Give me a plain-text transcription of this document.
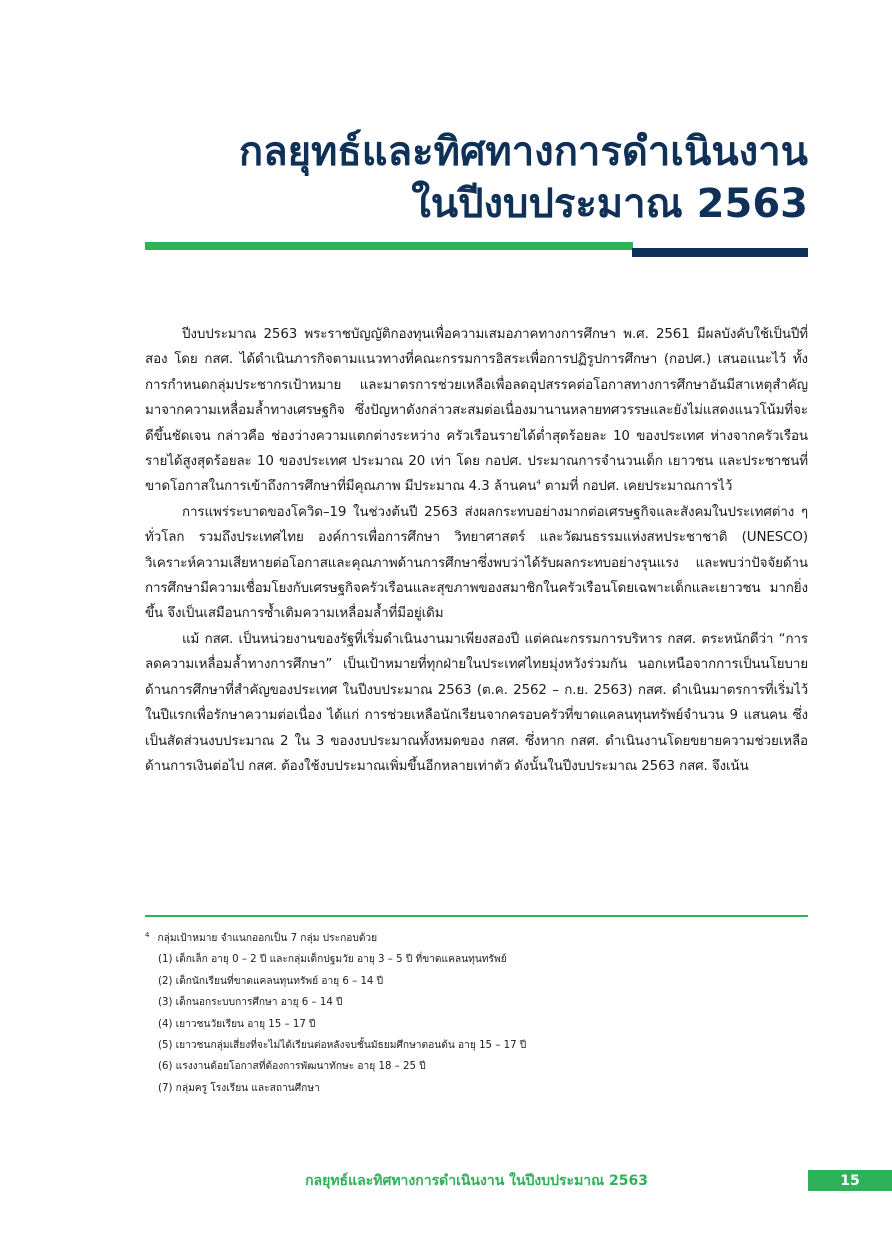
กลยุทธ์และทิศทางการดำเนินงาน
ในปีงบประมาณ 2563

ปีงบประมาณ 2563 พระราชบัญญัติกองทุนเพื่อความเสมอภาคทางการศึกษา พ.ศ. 2561 มีผลบังคับใช้เป็นปีที่สอง โดย กสศ. ได้ดำเนินภารกิจตามแนวทางที่คณะกรรมการอิสระเพื่อการปฏิรูปการศึกษา (กอปศ.) เสนอแนะไว้ ทั้งการกำหนดกลุ่มประชากรเป้าหมาย และมาตรการช่วยเหลือเพื่อลดอุปสรรคต่อโอกาสทางการศึกษาอันมีสาเหตุสำคัญมาจากความเหลื่อมล้ำทางเศรษฐกิจ ซึ่งปัญหาดังกล่าวสะสมต่อเนื่องมานานหลายทศวรรษและยังไม่แสดงแนวโน้มที่จะดีขึ้นชัดเจน กล่าวคือ ช่องว่างความแตกต่างระหว่าง ครัวเรือนรายได้ต่ำสุดร้อยละ 10 ของประเทศ ห่างจากครัวเรือนรายได้สูงสุดร้อยละ 10 ของประเทศ ประมาณ 20 เท่า โดย กอปศ. ประมาณการจำนวนเด็ก เยาวชน และประชาชนที่ขาดโอกาสในการเข้าถึงการศึกษาที่มีคุณภาพ มีประมาณ 4.3 ล้านคน$^4$ ตามที่ กอปศ. เคยประมาณการไว้

การแพร่ระบาดของโควิด–19 ในช่วงต้นปี 2563 ส่งผลกระทบอย่างมากต่อเศรษฐกิจและสังคมในประเทศต่าง ๆ ทั่วโลก รวมถึงประเทศไทย องค์การเพื่อการศึกษา วิทยาศาสตร์ และวัฒนธรรมแห่งสหประชาชาติ (UNESCO) วิเคราะห์ความเสียหายต่อโอกาสและคุณภาพด้านการศึกษาซึ่งพบว่าได้รับผลกระทบอย่างรุนแรง และพบว่าปัจจัยด้านการศึกษามีความเชื่อมโยงกับเศรษฐกิจครัวเรือนและสุขภาพของสมาชิกในครัวเรือนโดยเฉพาะเด็กและเยาวชน มากยิ่งขึ้น จึงเป็นเสมือนการซ้ำเติมความเหลื่อมล้ำที่มีอยู่เดิม

แม้ กสศ. เป็นหน่วยงานของรัฐที่เริ่มดำเนินงานมาเพียงสองปี แต่คณะกรรมการบริหาร กสศ. ตระหนักดีว่า “การลดความเหลื่อมล้ำทางการศึกษา” เป็นเป้าหมายที่ทุกฝ่ายในประเทศไทยมุ่งหวังร่วมกัน นอกเหนือจากการเป็นนโยบายด้านการศึกษาที่สำคัญของประเทศ ในปีงบประมาณ 2563 (ต.ค. 2562 – ก.ย. 2563) กสศ. ดำเนินมาตรการที่เริ่มไว้ในปีแรกเพื่อรักษาความต่อเนื่อง ได้แก่ การช่วยเหลือนักเรียนจากครอบครัวที่ขาดแคลนทุนทรัพย์จำนวน 9 แสนคน ซึ่งเป็นสัดส่วนงบประมาณ 2 ใน 3 ของงบประมาณทั้งหมดของ กสศ. ซึ่งหาก กสศ. ดำเนินงานโดยขยายความช่วยเหลือด้านการเงินต่อไป กสศ. ต้องใช้งบประมาณเพิ่มขึ้นอีกหลายเท่าตัว ดังนั้นในปีงบประมาณ 2563 กสศ. จึงเน้น

4 กลุ่มเป้าหมาย จำแนกออกเป็น 7 กลุ่ม ประกอบด้วย
(1) เด็กเล็ก อายุ 0 – 2 ปี และกลุ่มเด็กปฐมวัย อายุ 3 – 5 ปี ที่ขาดแคลนทุนทรัพย์
(2) เด็กนักเรียนที่ขาดแคลนทุนทรัพย์ อายุ 6 – 14 ปี
(3) เด็กนอกระบบการศึกษา อายุ 6 – 14 ปี
(4) เยาวชนวัยเรียน อายุ 15 – 17 ปี
(5) เยาวชนกลุ่มเสี่ยงที่จะไม่ได้เรียนต่อหลังจบชั้นมัธยมศึกษาตอนต้น อายุ 15 – 17 ปี
(6) แรงงานด้อยโอกาสที่ต้องการพัฒนาทักษะ อายุ 18 – 25 ปี
(7) กลุ่มครู โรงเรียน และสถานศึกษา
กลยุทธ์และทิศทางการดำเนินงาน ในปีงบประมาณ 2563	15
